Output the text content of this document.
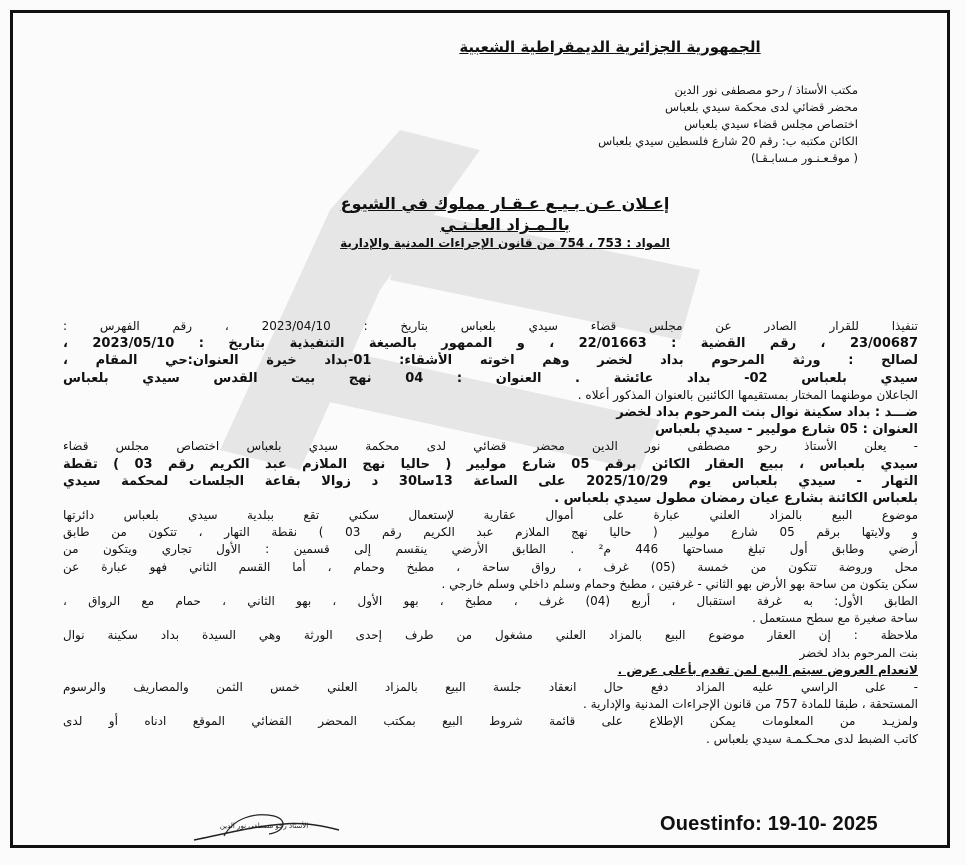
الجمهورية الجزائرية الديمقراطية الشعبية
مكتب الأستاذ / رحو مصطفى نور الدين
محضر قضائي لدى محكمة سيدي بلعباس
اختصاص مجلس قضاء سيدي بلعباس
الكائن مكتبه ب: رقم 20 شارع فلسطين سيدي بلعباس
( موقـعـنـور مـسابـقـا)
إعـلان عـن بـيـع عـقـار مملوك في الشيوع
بالـمـزاد العلـنـي
المواد : 753 ، 754 من قانون الإجراءات المدنية والإدارية
تنفيذا للقرار الصادر عن مجلس قضاء سيدي بلعباس بتاريخ : 2023/04/10 ، رقم الفهرس :
23/00687 ، رقم القضية : 22/01663 ، و الممهور بالصيغة التنفيذية بتاريخ : 2023/05/10 ،
لصالح : ورثة المرحوم بداد لخضر وهم اخوته الأشقاء: 01-بداد خيرة العنوان:حي المقام ،
سيدي بلعباس 02- بداد عائشة . العنوان : 04 نهج بيت القدس سيدي بلعباس
الجاعلان موطنهما المختار بمستقيمها الكائنين بالعنوان المذكور أعلاه .
ضـــد : بداد سكينة نوال بنت المرحوم بداد لخضر
العنوان : 05 شارع موليير - سيدي بلعباس
- يعلن الأستاذ رحو مصطفى نور الدين محضر قضائي لدى محكمة سيدي بلعباس اختصاص مجلس قضاء
سيدي بلعباس ، ببيع العقار الكائن برقم 05 شارع موليير ( حاليا نهج الملازم عبد الكريم رقم 03 ) تقطة
التهار - سيدي بلعباس يوم 2025/10/29 على الساعة 13سا30 د زوالا بقاعة الجلسات لمحكمة سيدي
بلعباس الكائنة بشارع عيان رمضان مطول سيدي بلعباس .
موضوع البيع بالمزاد العلني عبارة على أموال عقارية لإستعمال سكني تقع ببلدية سيدي بلعباس دائرتها
و ولايتها برقم 05 شارع موليير ( حاليا نهج الملازم عبد الكريم رقم 03 ) نقطة التهار ، تتكون من طابق
أرضي وطابق أول تبلغ مساحتها 446 م² . الطابق الأرضي ينقسم إلى قسمين : الأول تجاري ويتكون من
محل وروضة تتكون من خمسة (05) غرف ، رواق ساحة ، مطبخ وحمام ، أما القسم الثاني فهو عبارة عن
سكن يتكون من ساحة بهو الأرض بهو الثاني - غرفتين ، مطبخ وحمام وسلم داخلي وسلم خارجي .
الطابق الأول: به غرفة استقبال ، أربع (04) غرف ، مطبخ ، بهو الأول ، بهو الثاني ، حمام مع الرواق ،
ساحة صغيرة مع سطح مستعمل .
ملاحظة : إن العقار موضوع البيع بالمزاد العلني مشغول من طرف إحدى الورثة وهي السيدة بداد سكينة نوال
بنت المرحوم بداد لخضر
لانعدام العروض سيتم البيع لمن تقدم بأعلى عرض .
- على الراسي عليه المزاد دفع حال انعقاد جلسة البيع بالمزاد العلني خمس الثمن والمصاريف والرسوم
المستحقة ، طبقا للمادة 757 من قانون الإجراءات المدنية والإدارية .
ولمزيـد من المعلومات يمكن الإطلاع على قائمة شروط البيع بمكتب المحضر القضائي الموقع ادناه أو لدى
كاتب الضبط لدى محـكـمـة سيدي بلعباس .
الأستاذ رحو مصطفى نور الدين	Ouestinfo: 19-10- 2025
